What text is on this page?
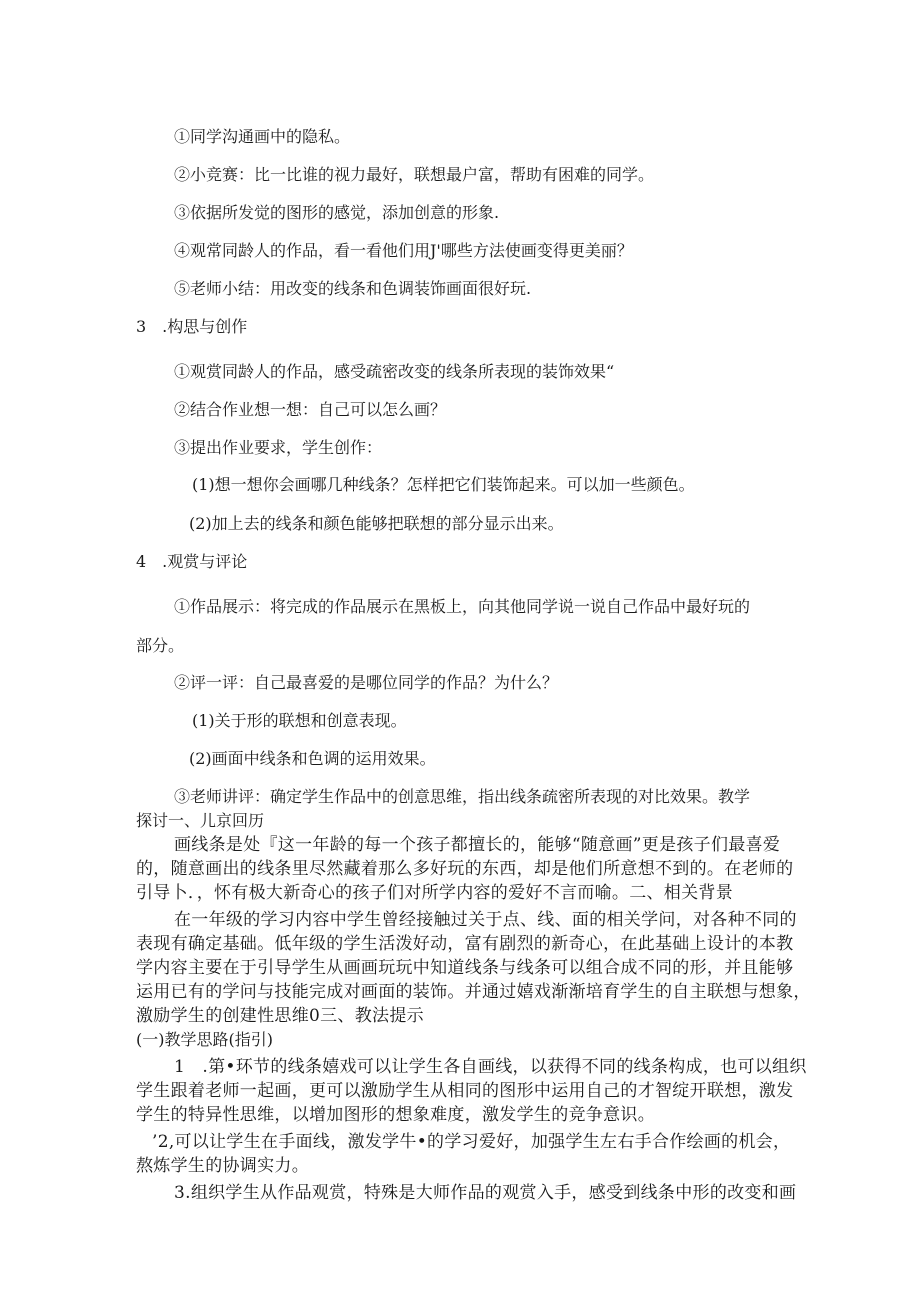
①同学沟通画中的隐私。
②小竞赛：比一比谁的视力最好，联想最户富，帮助有困难的同学。
③依据所发觉的图形的感觉，添加创意的形象.
④观常同龄人的作品，看一看他们用J'哪些方法使画变得更美丽？
⑤老师小结：用改变的线条和色调装饰画面很好玩.
3　.构思与创作
①观赏同龄人的作品，感受疏密改变的线条所表现的装饰效果“
②结合作业想一想：自己可以怎么画？
③提出作业要求，学生创作：
(1)想一想你会画哪几种线条？怎样把它们装饰起来。可以加一些颜色。
(2)加上去的线条和颜色能够把联想的部分显示出来。
4　.观赏与评论
①作品展示：将完成的作品展示在黑板上，向其他同学说一说自己作品中最好玩的
部分。
②评一评：自己最喜爱的是哪位同学的作品？为什么？
(1)关于形的联想和创意表现。
(2)画面中线条和色调的运用效果。
③老师讲评：确定学生作品中的创意思维，指出线条疏密所表现的对比效果。教学
探讨一、儿京回历
画线条是处『这一年龄的每一个孩子都擅长的，能够“随意画”更是孩子们最喜爱
的，随意画出的线条里尽然藏着那么多好玩的东西，却是他们所意想不到的。在老师的
引导卜．，怀有极大新奇心的孩子们对所学内容的爱好不言而喻。二、相关背景
在一年级的学习内容中学生曾经接触过关于点、线、面的相关学问，对各种不同的
表现有确定基础。低年级的学生活泼好动，富有剧烈的新奇心，在此基础上设计的本教
学内容主要在于引导学生从画画玩玩中知道线条与线条可以组合成不同的形，并且能够
运用已有的学问与技能完成对画面的装饰。并通过嬉戏渐渐培育学生的自主联想与想象，
激励学生的创建性思维0三、教法提示
(一)教学思路(指引)
1　.第•环节的线条嬉戏可以让学生各自画线，以获得不同的线条构成，也可以组织
学生跟着老师一起画，更可以激励学生从相同的图形中运用自己的才智绽开联想，激发
学生的特异性思维，以增加图形的想象难度，激发学生的竞争意识。
’2,可以让学生在手面线，激发学牛•的学习爱好，加强学生左右手合作绘画的机会，
熬炼学生的协调实力。
3.组织学生从作品观赏，特殊是大师作品的观赏入手，感受到线条中形的改变和画
